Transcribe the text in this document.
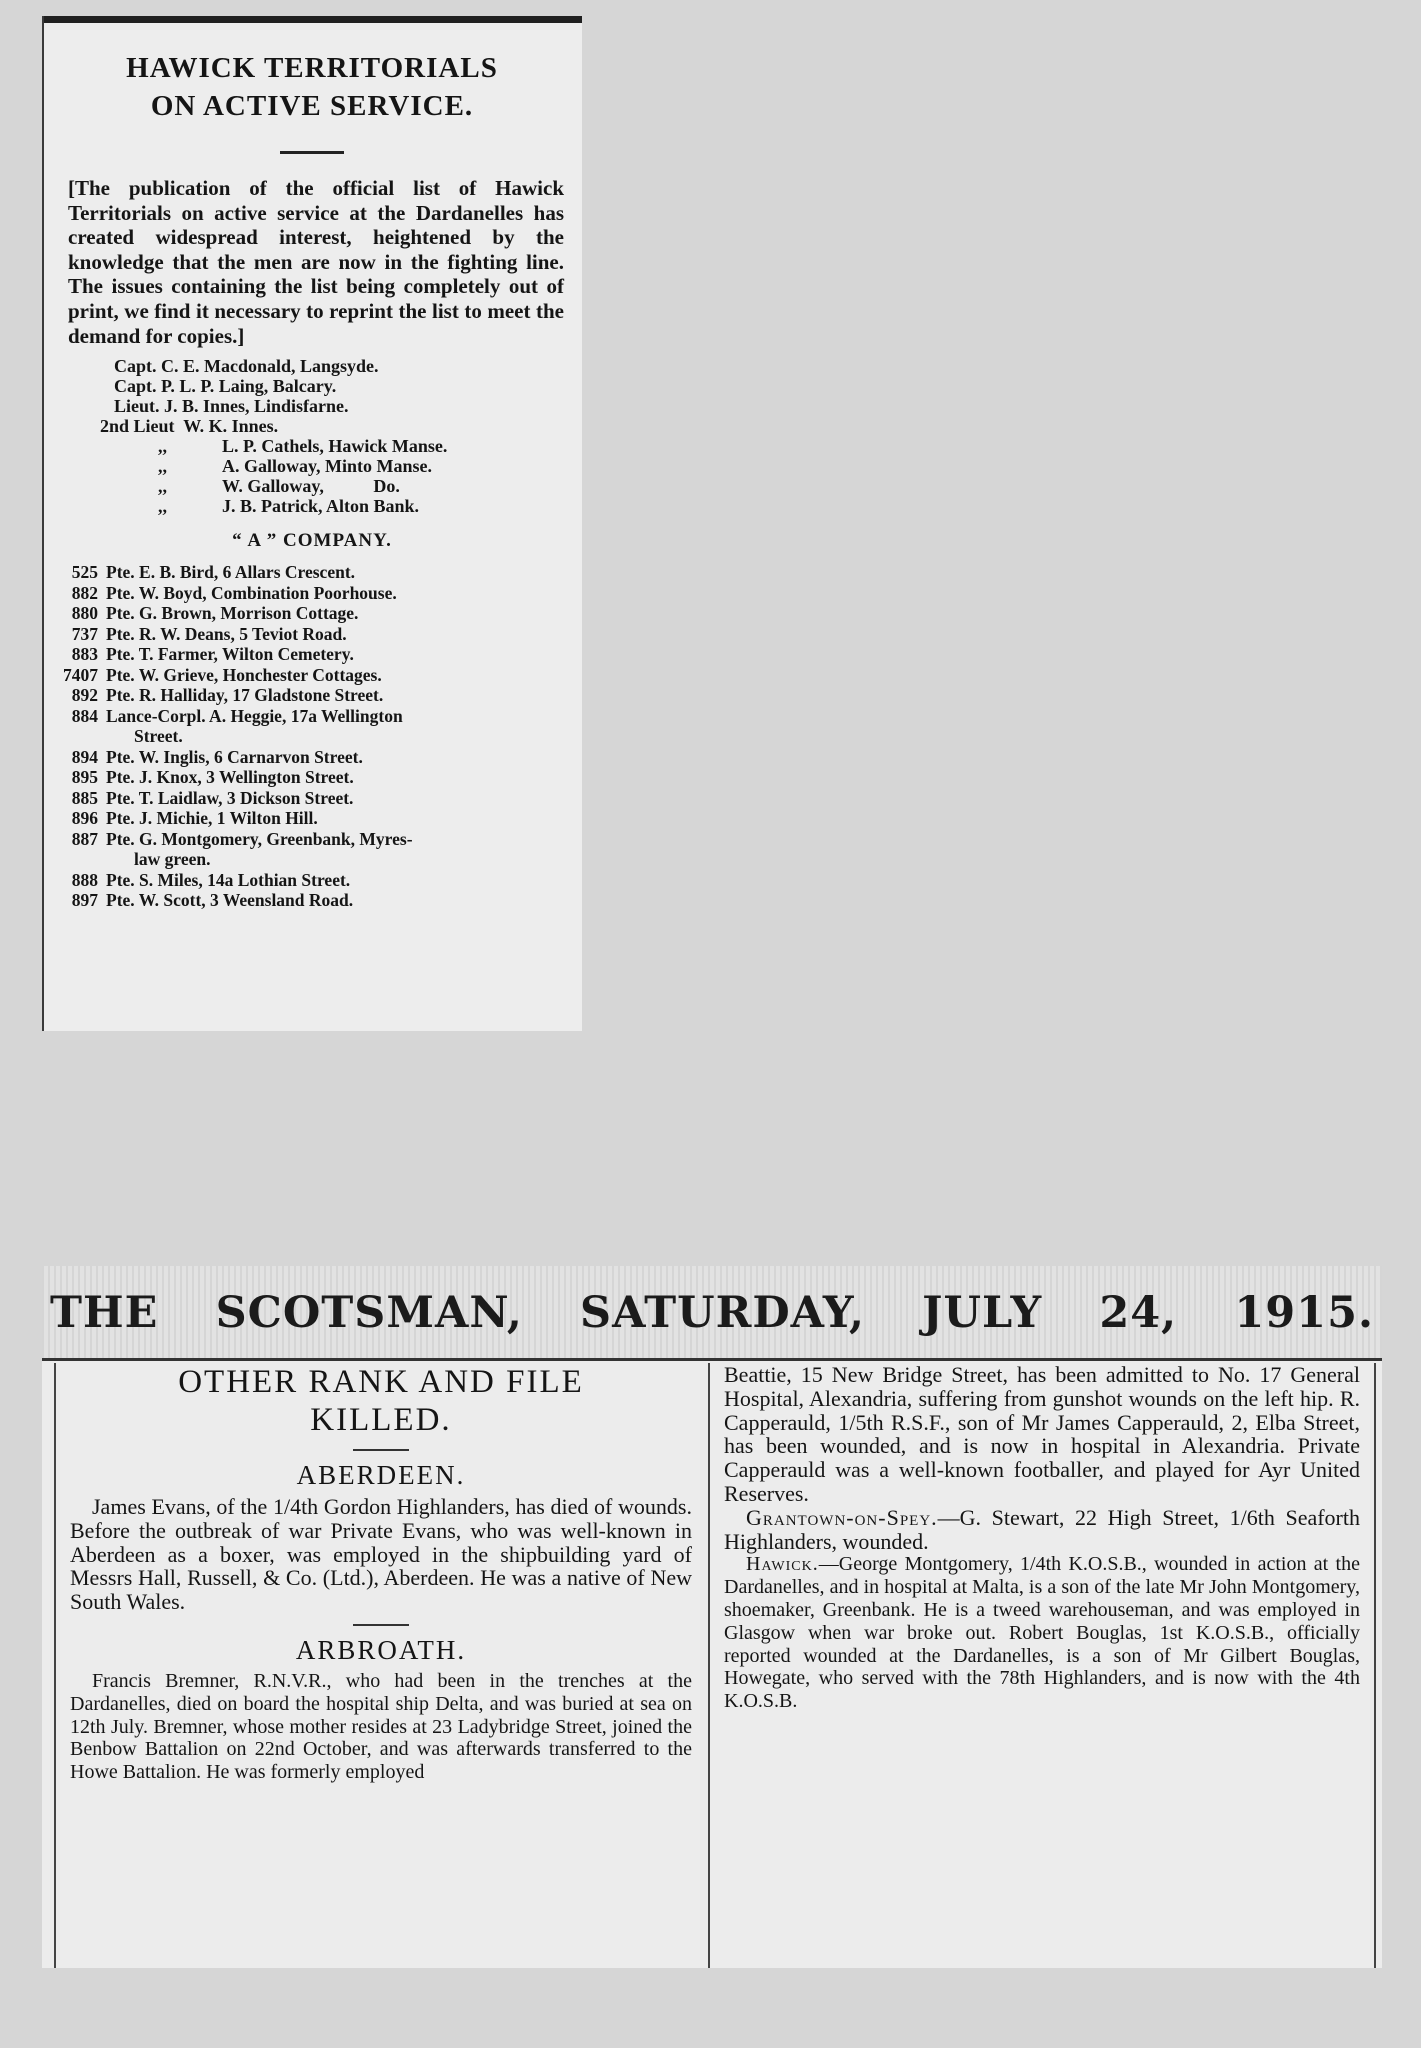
HAWICK TERRITORIALS
ON ACTIVE SERVICE.
[The publication of the official list of Hawick Territorials on active service at the Dardanelles has created widespread interest, heightened by the knowledge that the men are now in the fighting line. The issues containing the list being completely out of print, we find it necessary to reprint the list to meet the demand for copies.]
Capt. C. E. Macdonald, Langsyde.
Capt. P. L. P. Laing, Balcary.
Lieut. J. B. Innes, Lindisfarne.
2nd Lieut W. K. Innes.
,,	L. P. Cathels, Hawick Manse.
,,	A. Galloway, Minto Manse.
,,	W. Galloway,	Do.
,,	J. B. Patrick, Alton Bank.
“ A ” COMPANY.
525 Pte. E. B. Bird, 6 Allars Crescent.
882 Pte. W. Boyd, Combination Poorhouse.
880 Pte. G. Brown, Morrison Cottage.
737 Pte. R. W. Deans, 5 Teviot Road.
883 Pte. T. Farmer, Wilton Cemetery.
7407 Pte. W. Grieve, Honchester Cottages.
892 Pte. R. Halliday, 17 Gladstone Street.
884 Lance-Corpl. A. Heggie, 17a Wellington
Street.
894 Pte. W. Inglis, 6 Carnarvon Street.
895 Pte. J. Knox, 3 Wellington Street.
885 Pte. T. Laidlaw, 3 Dickson Street.
896 Pte. J. Michie, 1 Wilton Hill.
887 Pte. G. Montgomery, Greenbank, Myres-
law green.
888 Pte. S. Miles, 14a Lothian Street.
897 Pte. W. Scott, 3 Weensland Road.
THE SCOTSMAN, SATURDAY, JULY 24, 1915.
OTHER RANK AND FILE
KILLED.
ABERDEEN.

James Evans, of the 1/4th Gordon Highlanders, has died of wounds. Before the outbreak of war Private Evans, who was well-known in Aberdeen as a boxer, was employed in the shipbuilding yard of Messrs Hall, Russell, & Co. (Ltd.), Aberdeen. He was a native of New South Wales.

ARBROATH.

Francis Bremner, R.N.V.R., who had been in the trenches at the Dardanelles, died on board the hospital ship Delta, and was buried at sea on 12th July. Bremner, whose mother resides at 23 Ladybridge Street, joined the Benbow Battalion on 22nd October, and was afterwards transferred to the Howe Battalion. He was formerly employed

Beattie, 15 New Bridge Street, has been admitted to No. 17 General Hospital, Alexandria, suffering from gunshot wounds on the left hip. R. Capperauld, 1/5th R.S.F., son of Mr James Capperauld, 2, Elba Street, has been wounded, and is now in hospital in Alexandria. Private Capperauld was a well-known footballer, and played for Ayr United Reserves.

Grantown-on-Spey.—G. Stewart, 22 High Street, 1/6th Seaforth Highlanders, wounded.

Hawick.—George Montgomery, 1/4th K.O.S.B., wounded in action at the Dardanelles, and in hospital at Malta, is a son of the late Mr John Montgomery, shoemaker, Greenbank. He is a tweed warehouseman, and was employed in Glasgow when war broke out. Robert Bouglas, 1st K.O.S.B., officially reported wounded at the Dardanelles, is a son of Mr Gilbert Bouglas, Howegate, who served with the 78th Highlanders, and is now with the 4th K.O.S.B.
